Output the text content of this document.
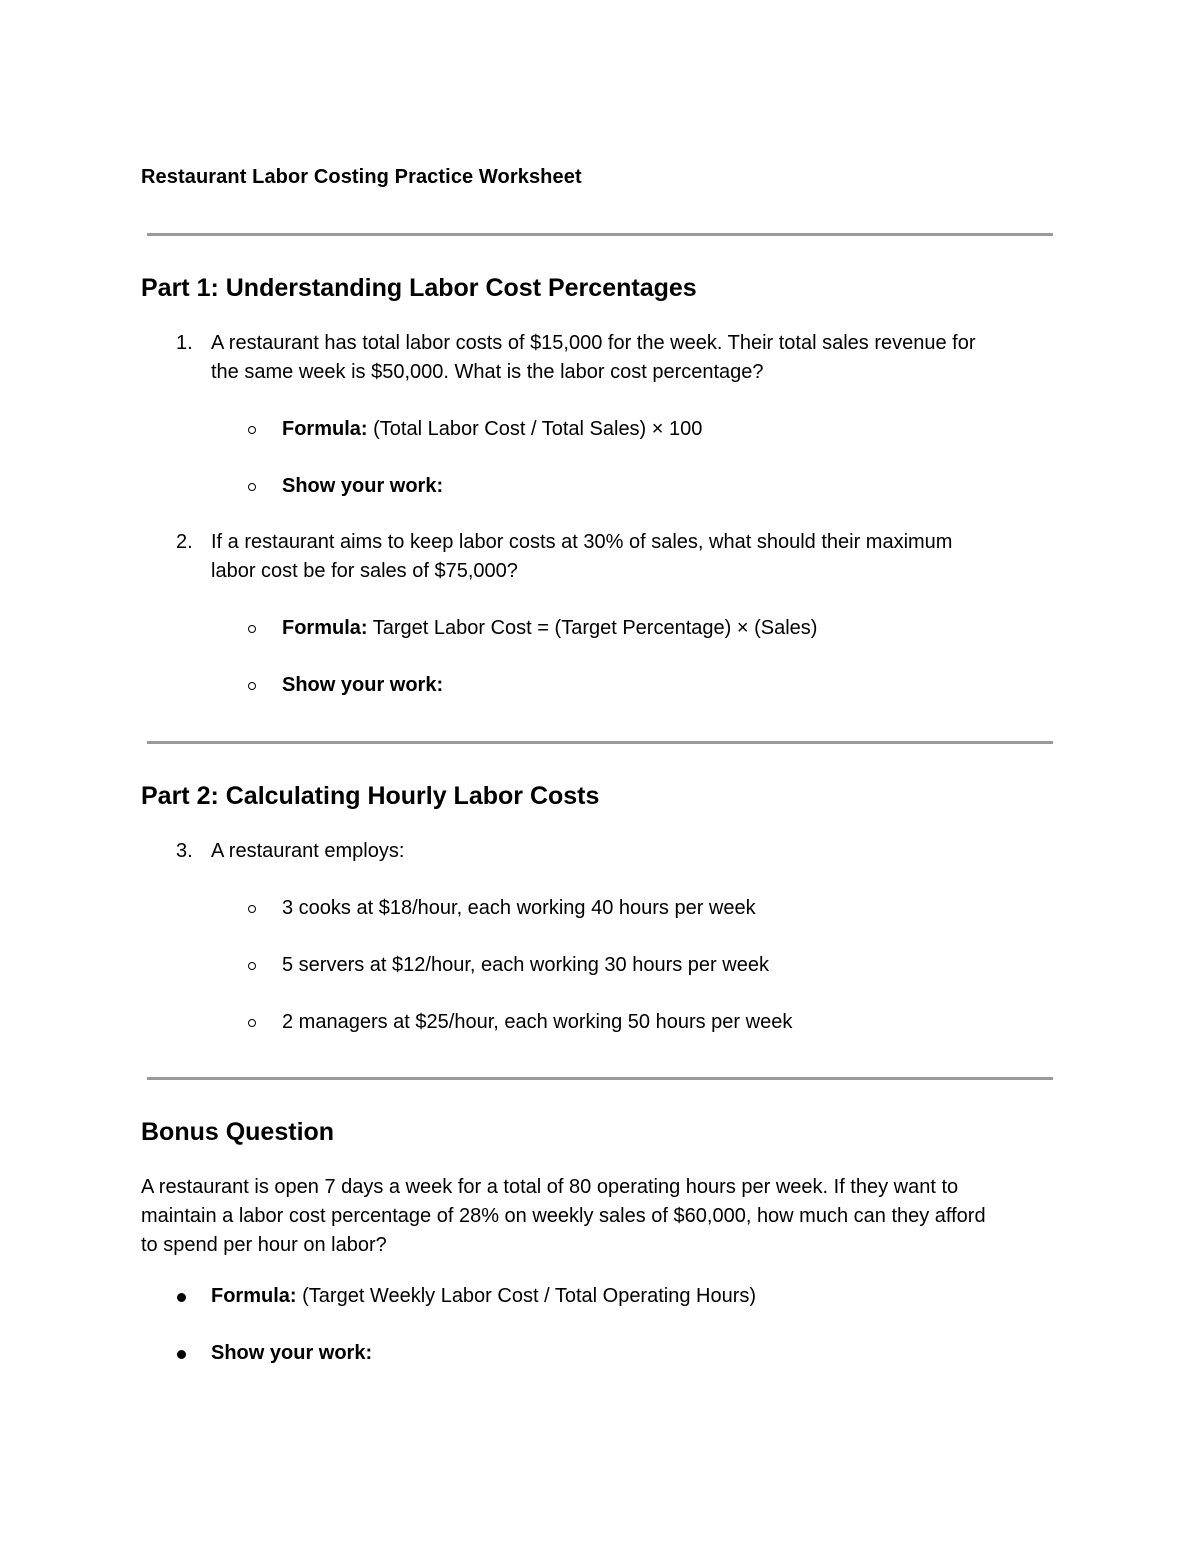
Restaurant Labor Costing Practice Worksheet
Part 1: Understanding Labor Cost Percentages
1. A restaurant has total labor costs of $15,000 for the week. Their total sales revenue for
the same week is $50,000. What is the labor cost percentage?
Formula: (Total Labor Cost / Total Sales) × 100
Show your work:
2. If a restaurant aims to keep labor costs at 30% of sales, what should their maximum
labor cost be for sales of $75,000?
Formula: Target Labor Cost = (Target Percentage) × (Sales)
Show your work:
Part 2: Calculating Hourly Labor Costs
3. A restaurant employs:
3 cooks at $18/hour, each working 40 hours per week
5 servers at $12/hour, each working 30 hours per week
2 managers at $25/hour, each working 50 hours per week
Bonus Question
A restaurant is open 7 days a week for a total of 80 operating hours per week. If they want to
maintain a labor cost percentage of 28% on weekly sales of $60,000, how much can they afford
to spend per hour on labor?
Formula: (Target Weekly Labor Cost / Total Operating Hours)
Show your work:
